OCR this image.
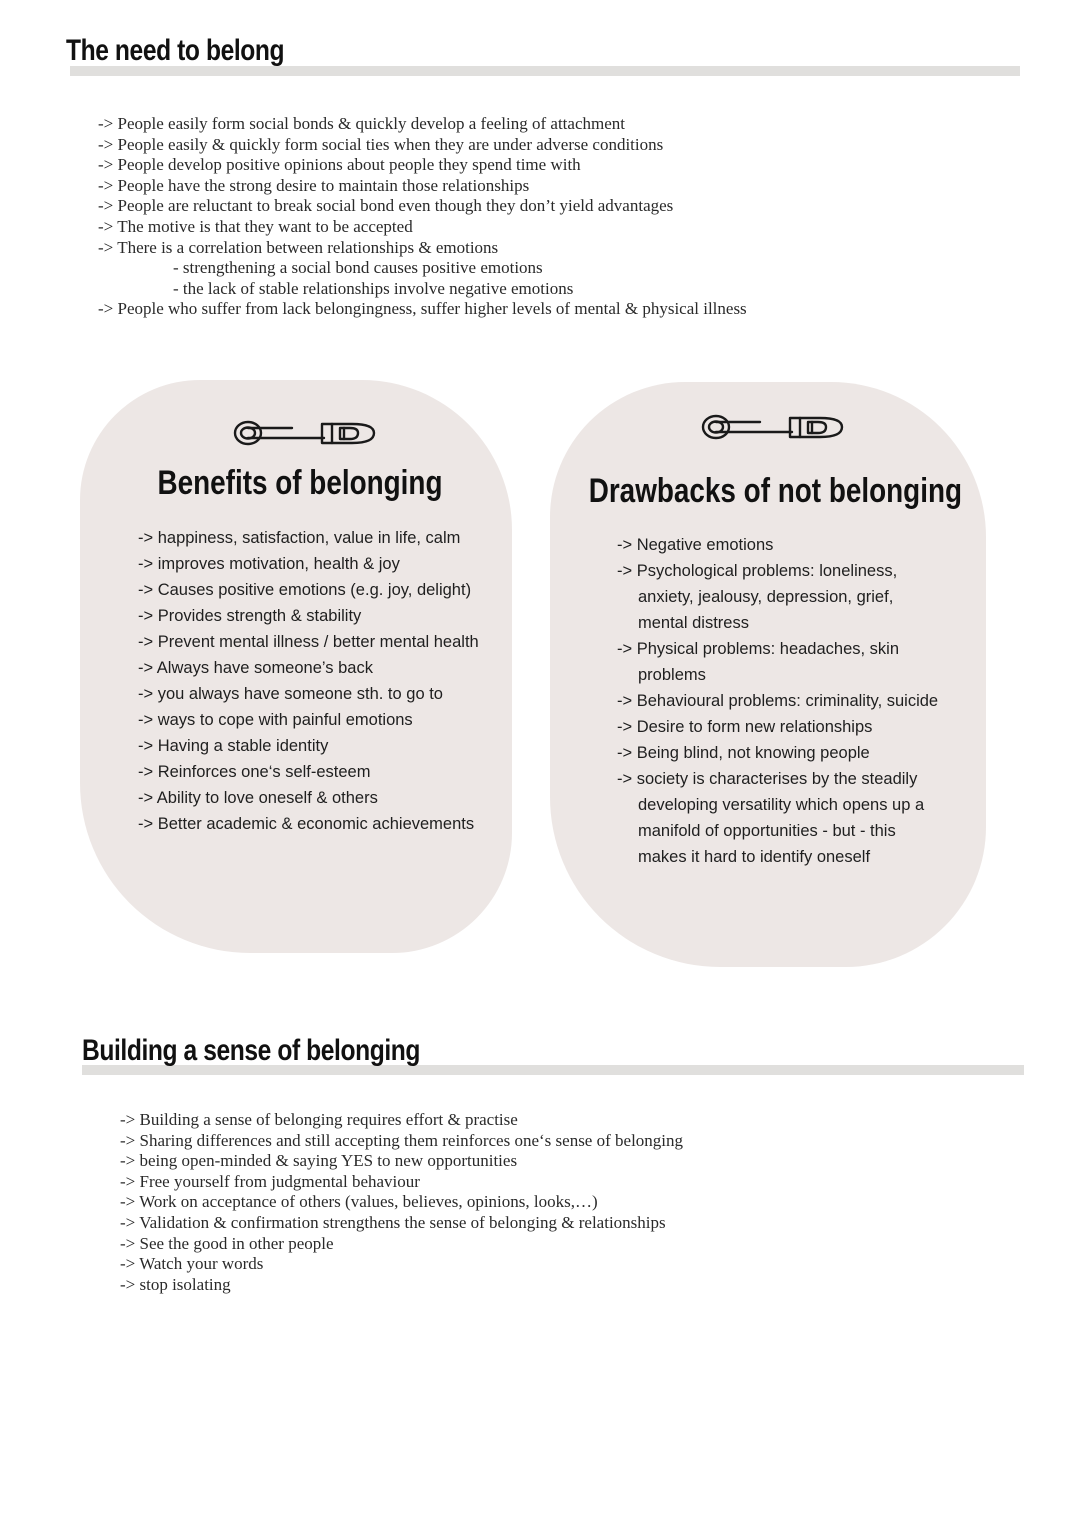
The need to belong
-> People easily form social bonds & quickly develop a feeling of attachment
-> People easily & quickly form social ties when they are under adverse conditions
-> People develop positive opinions about people they spend time with
-> People have the strong desire to maintain those relationships
-> People are reluctant to break social bond even though they don’t yield advantages
-> The motive is that they want to be accepted
-> There is a correlation between relationships & emotions
- strengthening a social bond causes positive emotions
- the lack of stable relationships involve negative emotions
-> People who suffer from lack belongingness, suffer higher levels of mental & physical illness
Benefits of belonging
-> happiness, satisfaction, value in life, calm
-> improves motivation, health & joy
-> Causes positive emotions (e.g. joy, delight)
-> Provides strength & stability
-> Prevent mental illness / better mental health
-> Always have someone’s back
-> you always have someone sth. to go to
-> ways to cope with painful emotions
-> Having a stable identity
-> Reinforces one‘s self-esteem
-> Ability to love oneself & others
-> Better academic & economic achievements
Drawbacks of not belonging
-> Negative emotions
-> Psychological problems: loneliness, anxiety, jealousy, depression, grief, mental distress
-> Physical problems: headaches, skin problems
-> Behavioural problems: criminality, suicide
-> Desire to form new relationships
-> Being blind, not knowing people
-> society is characterises by the steadily developing versatility which opens up a manifold of opportunities - but - this makes it hard to identify oneself
Building a sense of belonging
-> Building a sense of belonging requires effort & practise
-> Sharing differences and still accepting them reinforces one‘s sense of belonging
-> being open-minded & saying YES to new opportunities
-> Free yourself from judgmental behaviour
-> Work on acceptance of others (values, believes, opinions, looks,…)
-> Validation & confirmation strengthens the sense of belonging & relationships
-> See the good in other people
-> Watch your words
-> stop isolating
